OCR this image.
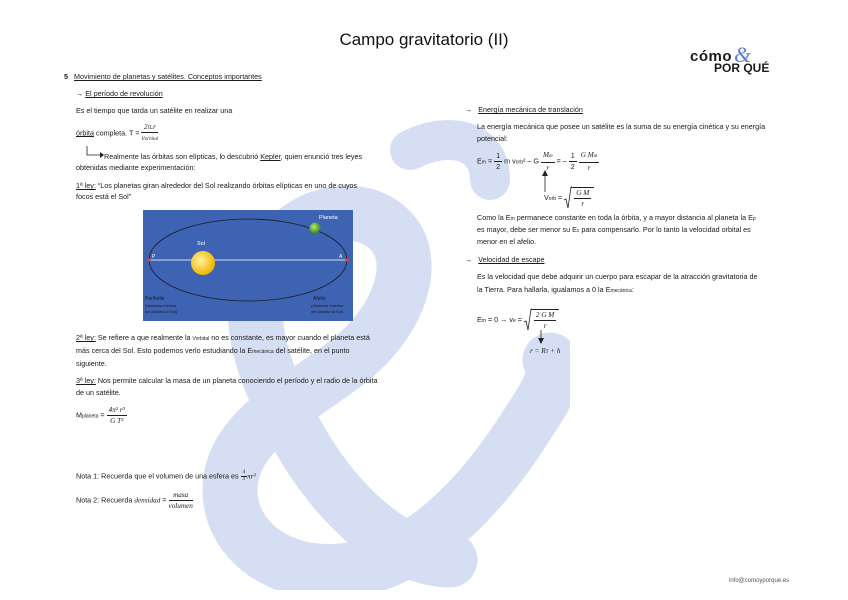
Campo gravitatorio (II)
cómo &
POR QUÉ
5 Movimiento de planetas y satélites. Conceptos importantes
→ El período de revolución
Es el tiempo que tarda un satélite en realizar una
órbita completa. $T = \frac{2\pi.r}{\text{vorbital}}$
Realmente las órbitas son elípticas, lo descubrió Kepler, quien enunció tres leyes
obtenidas mediante experimentación:
1ª ley: “Los planetas giran alrededor del Sol realizando órbitas elípticas en uno de cuyos
focos está el Sol”
Planeta
Sol
P	A
Perihelio
(distancia mínima
del planeta al Sol)
Afelio
(distancia máxima
del planeta al Sol)
2ª ley: Se refiere a que realmente la Vorbital no es constante, es mayor cuando el planeta está
más cerca del Sol. Esto podemos verlo estudiando la Emecánica del satélite, en el punto
siguiente.
3ª ley: Nos permite calcular la masa de un planeta conociendo el período y el radio de la órbita
de un satélite.
Mplaneta = $\frac{\text{4π² r³}}{\text{G T²}}$
Nota 1: Recuerda que el volumen de una esfera es $\frac{4}{3} \pi r^3$
Nota 2: Recuerda densidad = $\frac{\text{masa}}{\text{volumen}}$
→ Energía mecánica de translación
La energía mecánica que posee un satélite es la suma de su energía cinética y su energía
potencial:
$Em = \frac{1}{2}$ m vorb² – G $\frac{Mm}{r}$ = – $\frac{1}{2}$
$\frac{\text{G Mm}}{r}$
Vorb = $\frac{\text{G M}}{r}$
Como la Em permanece constante en toda la órbita, y a mayor distancia al planeta la Ep
es mayor, debe ser menor su Ec para compensarlo. Por lo tanto la velocidad orbital es
menor en el afelio.
→ Velocidad de escape
Es la velocidad que debe adquirir un cuerpo para escapar de la atracción gravitatoria de
la Tierra. Para hallarla, igualamos a 0 la Emecánica:
Em = 0 → ve = $\frac{\text{2 G M}}{r}$
r = RT + h
info@comoyporque.es
